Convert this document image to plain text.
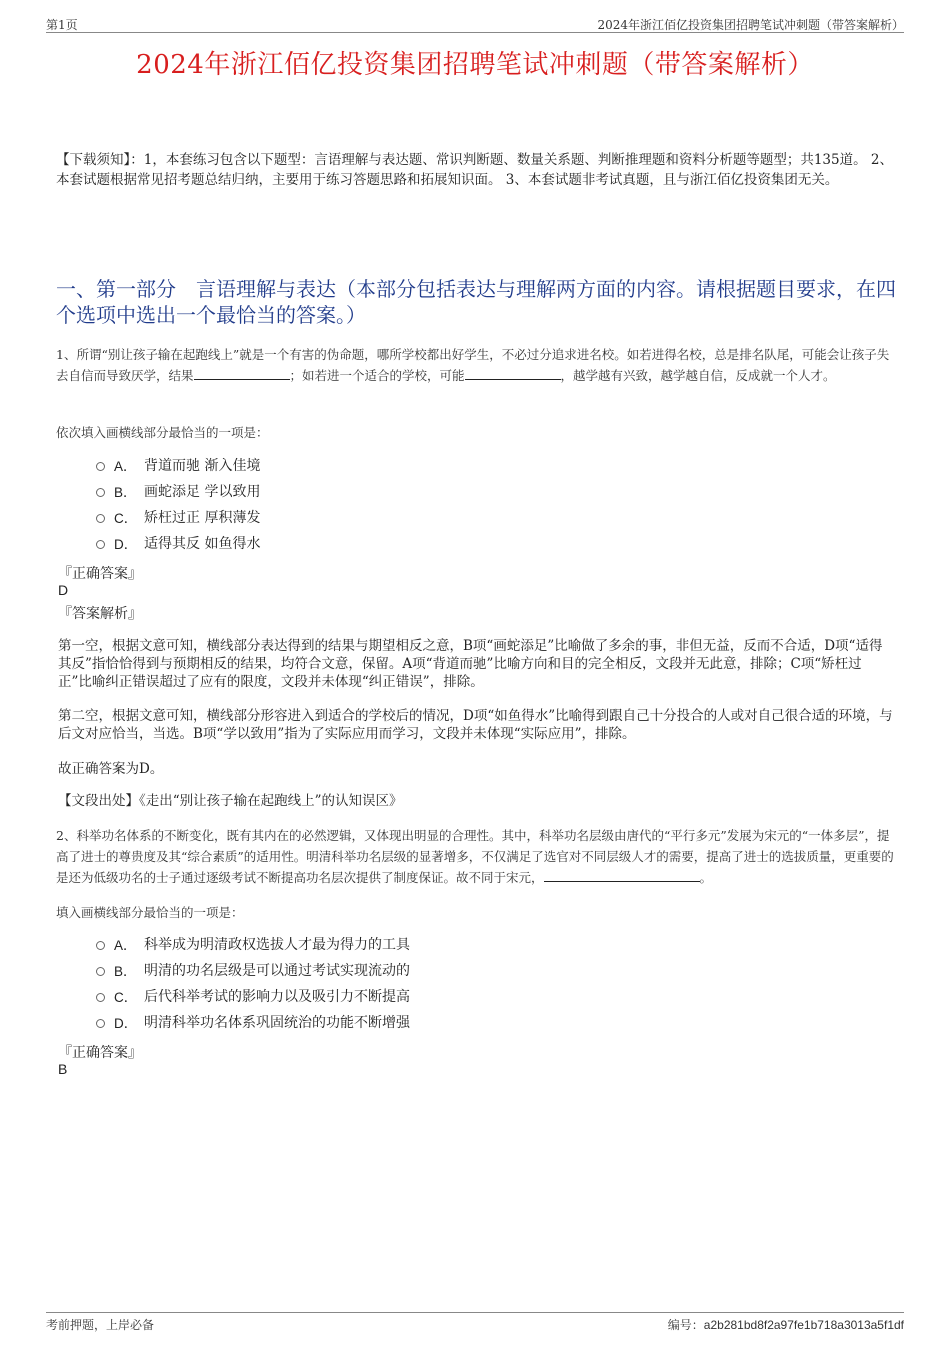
第1页	2024年浙江佰亿投资集团招聘笔试冲刺题（带答案解析）
2024年浙江佰亿投资集团招聘笔试冲刺题（带答案解析）
【下载须知】：1，本套练习包含以下题型：言语理解与表达题、常识判断题、数量关系题、判断推理题和资料分析题等题型；共135道。 2、本套试题根据常见招考题总结归纳，主要用于练习答题思路和拓展知识面。 3、本套试题非考试真题，且与浙江佰亿投资集团无关。
一、第一部分　言语理解与表达（本部分包括表达与理解两方面的内容。请根据题目要求，在四个选项中选出一个最恰当的答案。）
1、所谓“别让孩子输在起跑线上”就是一个有害的伪命题，哪所学校都出好学生，不必过分追求进名校。如若进得名校，总是排名队尾，可能会让孩子失去自信而导致厌学，结果	；如若进一个适合的学校，可能	，越学越有兴致，越学越自信，反成就一个人才。
依次填入画横线部分最恰当的一项是：
A． 背道而驰 渐入佳境
B． 画蛇添足 学以致用
C． 矫枉过正 厚积薄发
D． 适得其反 如鱼得水
『正确答案』
D
『答案解析』
第一空，根据文意可知，横线部分表达得到的结果与期望相反之意，B项“画蛇添足”比喻做了多余的事，非但无益，反而不合适，D项“适得其反”指恰恰得到与预期相反的结果，均符合文意，保留。A项“背道而驰”比喻方向和目的完全相反，文段并无此意，排除；C项“矫枉过正”比喻纠正错误超过了应有的限度，文段并未体现“纠正错误”，排除。
第二空，根据文意可知，横线部分形容进入到适合的学校后的情况，D项“如鱼得水”比喻得到跟自己十分投合的人或对自己很合适的环境，与后文对应恰当，当选。B项“学以致用”指为了实际应用而学习，文段并未体现“实际应用”，排除。
故正确答案为D。
【文段出处】《走出“别让孩子输在起跑线上”的认知误区》
2、科举功名体系的不断变化，既有其内在的必然逻辑，又体现出明显的合理性。其中，科举功名层级由唐代的“平行多元”发展为宋元的“一体多层”，提高了进士的尊贵度及其“综合素质”的适用性。明清科举功名层级的显著增多，不仅满足了选官对不同层级人才的需要，提高了进士的选拔质量，更重要的是还为低级功名的士子通过逐级考试不断提高功名层次提供了制度保证。故不同于宋元，	。
填入画横线部分最恰当的一项是：
A． 科举成为明清政权选拔人才最为得力的工具
B． 明清的功名层级是可以通过考试实现流动的
C． 后代科举考试的影响力以及吸引力不断提高
D． 明清科举功名体系巩固统治的功能不断增强
『正确答案』
B
考前押题，上岸必备	编号：a2b281bd8f2a97fe1b718a3013a5f1df
